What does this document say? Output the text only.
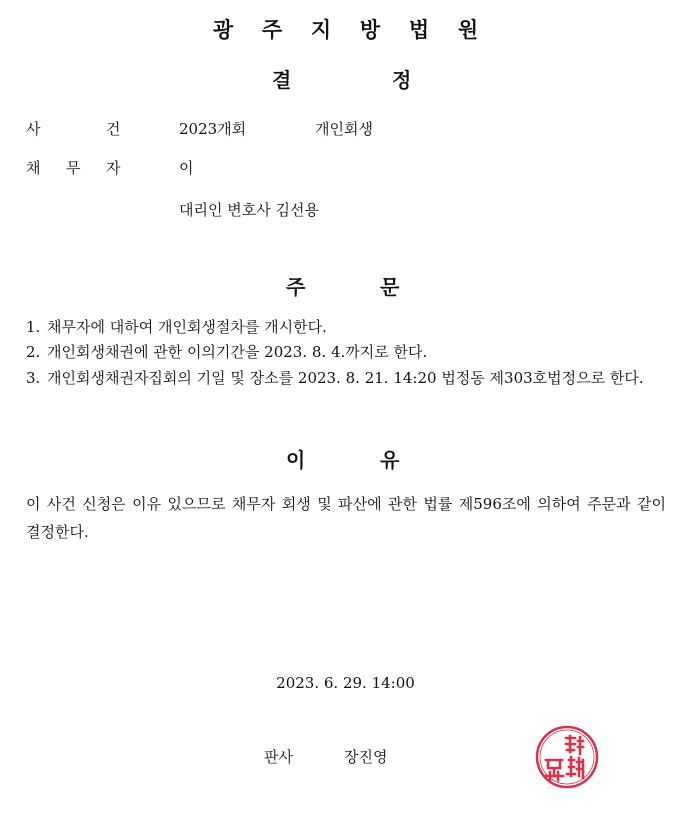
광 주 지 방 법 원
결	정
사	건	2023개회	개인회생
채 무 자	이
대리인 변호사 김선용
주	문
1. 채무자에 대하여 개인회생절차를 개시한다.
2. 개인회생채권에 관한 이의기간을 2023. 8. 4.까지로 한다.
3. 개인회생채권자집회의 기일 및 장소를 2023. 8. 21. 14:20 법정동 제303호법정으로 한다.
이	유
이 사건 신청은 이유 있으므로 채무자 회생 및 파산에 관한 법률 제596조에 의하여 주문과 같이 결정한다.
2023. 6. 29. 14:00
판사	장진영
